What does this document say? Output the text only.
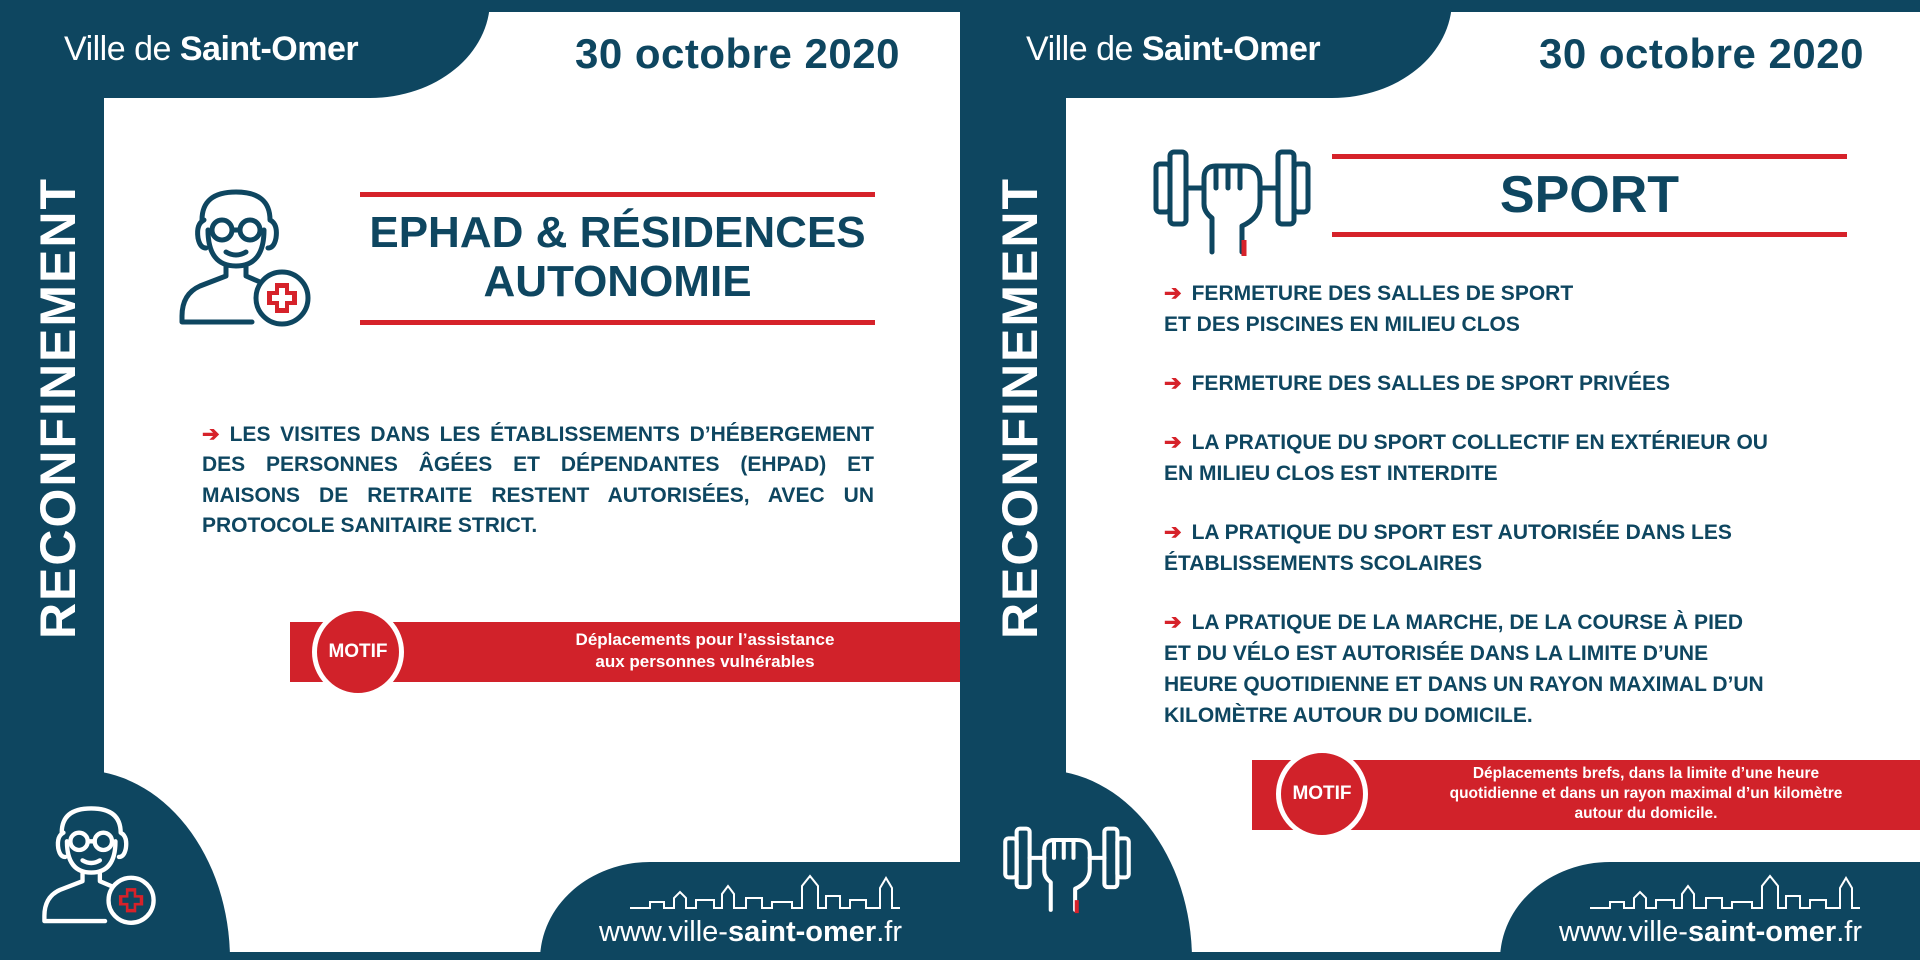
Ville de Saint-Omer	30 octobre 2020
RECONFINEMENT	EPHAD & RÉSIDENCES
AUTONOMIE
➔ LES VISITES DANS LES ÉTABLISSEMENTS D’HÉBERGEMENT DES PERSONNES ÂGÉES ET DÉPENDANTES (EHPAD) ET MAISONS DE RETRAITE RESTENT AUTORISÉES, AVEC UN PROTOCOLE SANITAIRE STRICT.
Déplacements pour l’assistance
aux personnes vulnérables
MOTIF
www.ville-saint-omer.fr
Ville de Saint-Omer	30 octobre 2020
RECONFINEMENT	SPORT
➔ FERMETURE DES SALLES DE SPORT
ET DES PISCINES EN MILIEU CLOS
➔ FERMETURE DES SALLES DE SPORT PRIVÉES
➔ LA PRATIQUE DU SPORT COLLECTIF EN EXTÉRIEUR OU
EN MILIEU CLOS EST INTERDITE
➔ LA PRATIQUE DU SPORT EST AUTORISÉE DANS LES
ÉTABLISSEMENTS SCOLAIRES
➔ LA PRATIQUE DE LA MARCHE, DE LA COURSE À PIED
ET DU VÉLO EST AUTORISÉE DANS LA LIMITE D’UNE
HEURE QUOTIDIENNE ET DANS UN RAYON MAXIMAL D’UN
KILOMÈTRE AUTOUR DU DOMICILE.
Déplacements brefs, dans la limite d’une heure
quotidienne et dans un rayon maximal d’un kilomètre
autour du domicile.
MOTIF
www.ville-saint-omer.fr
